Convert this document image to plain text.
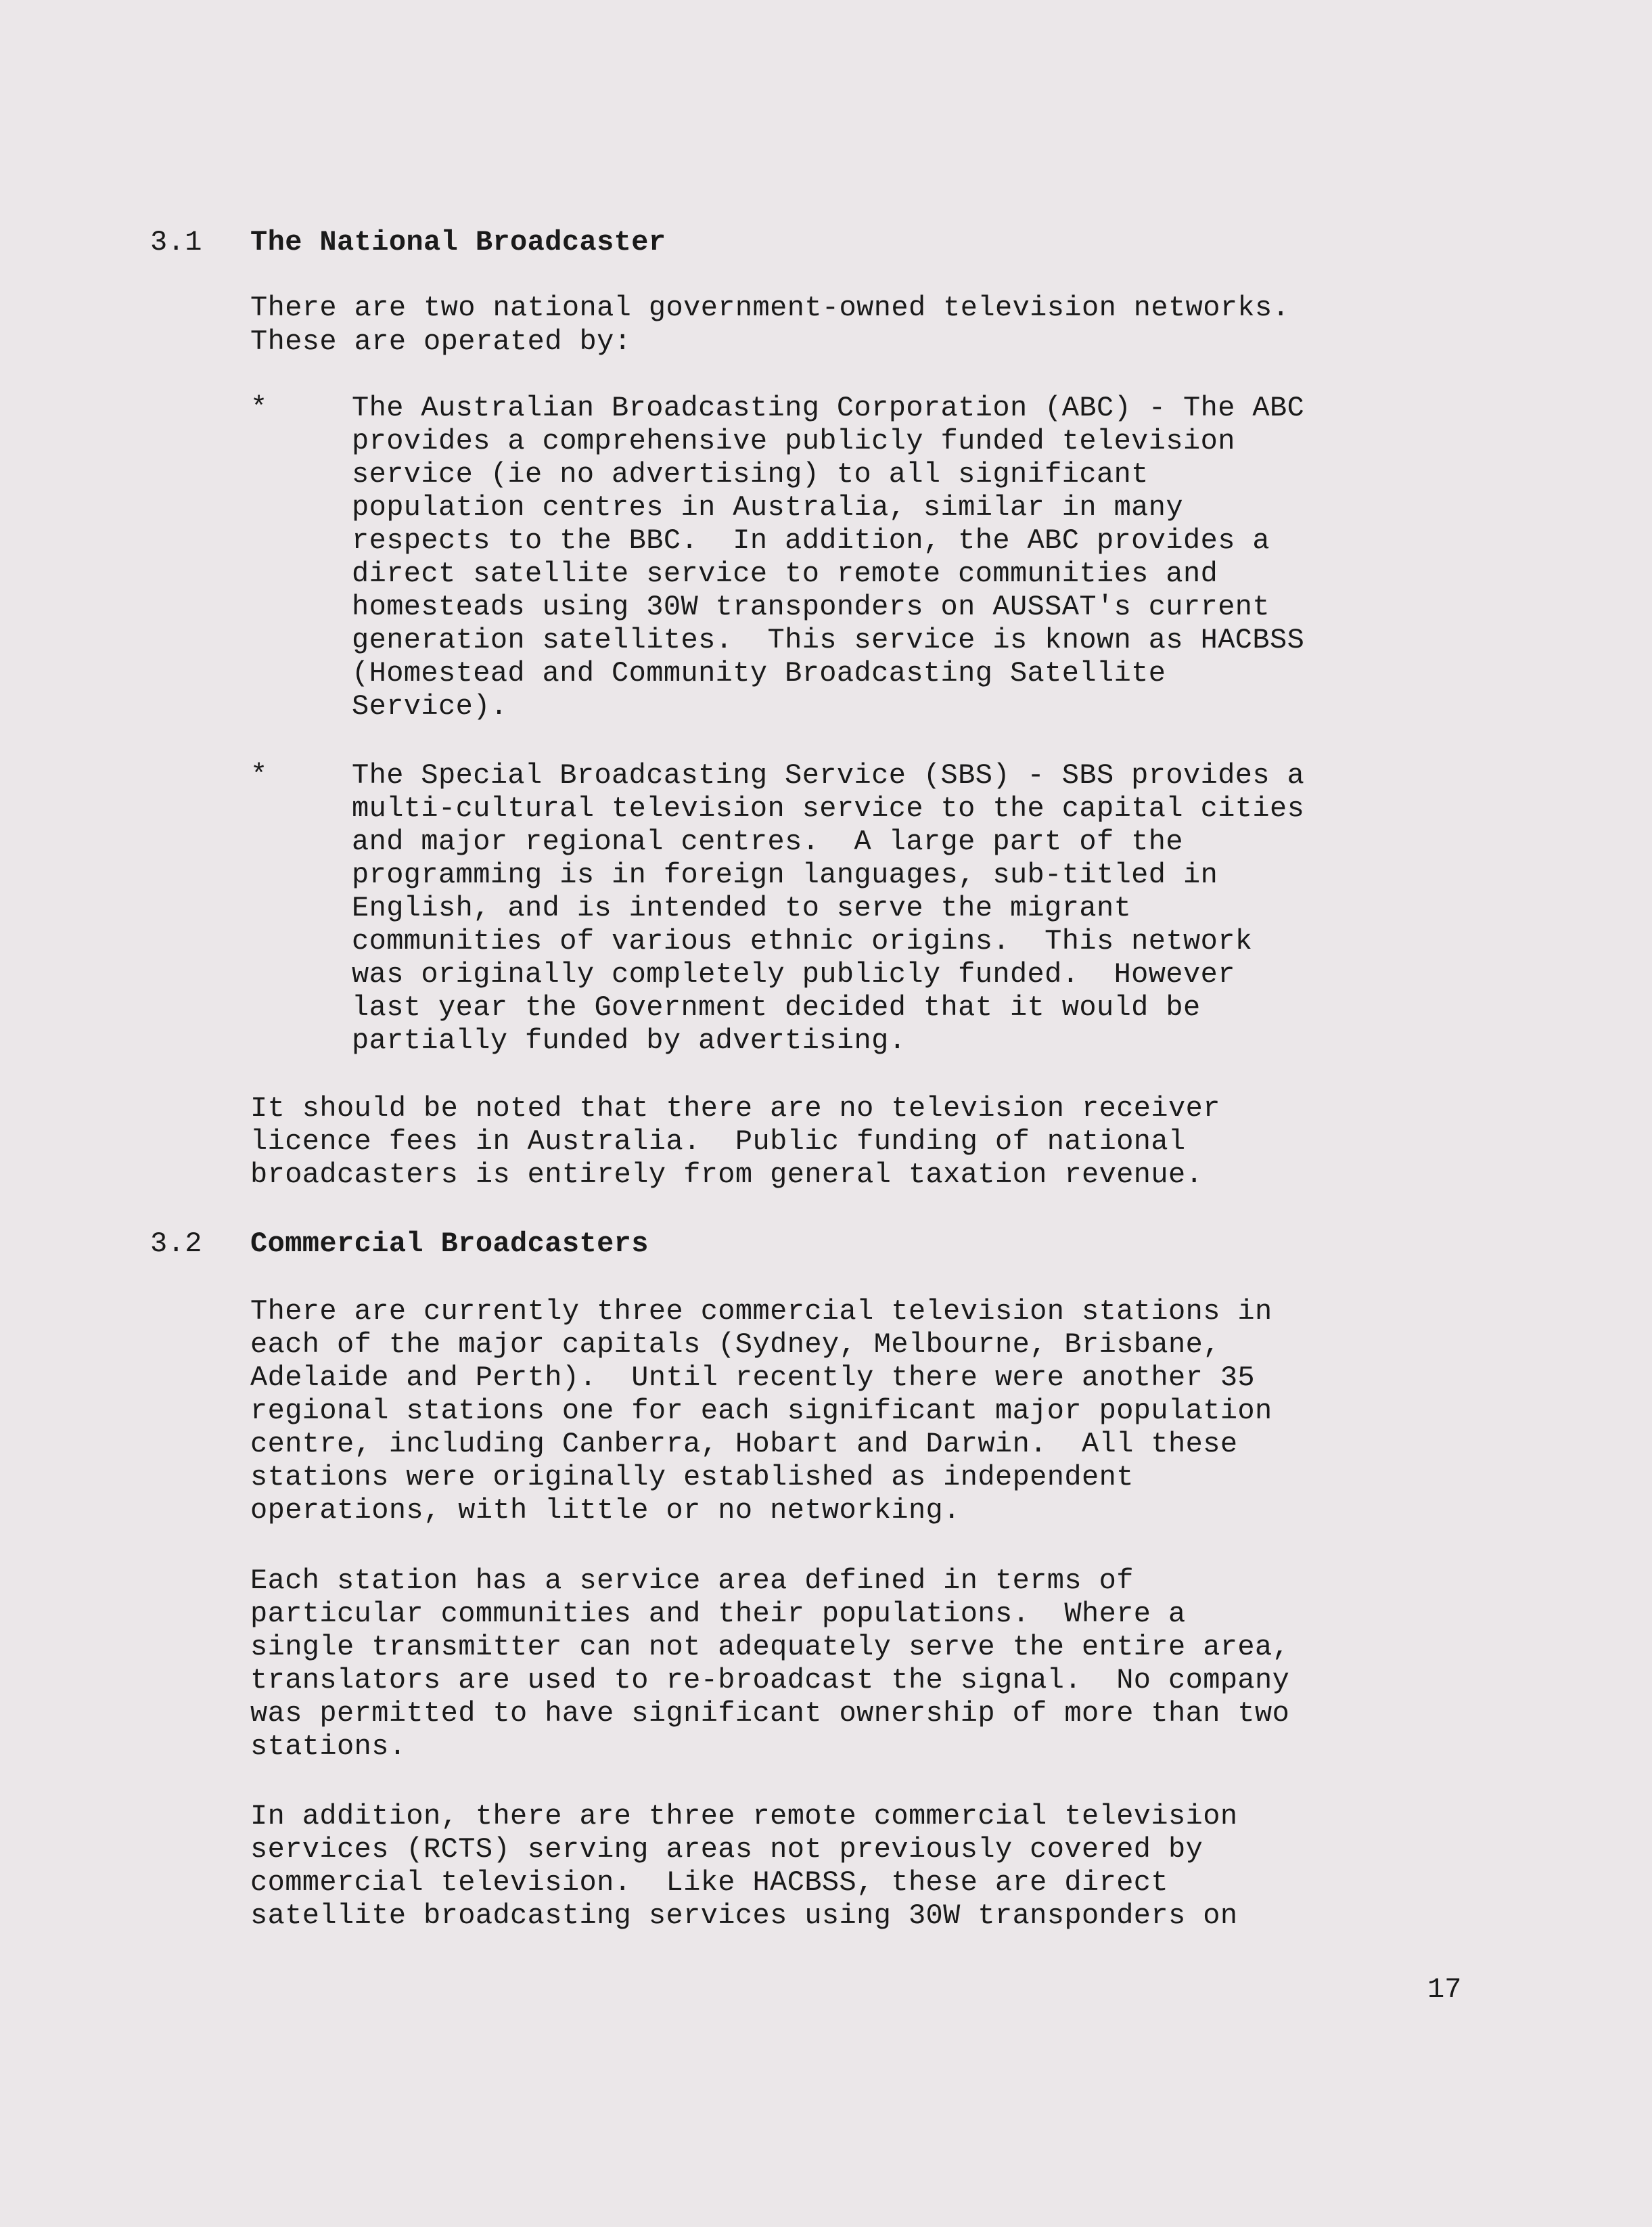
3.1 The National Broadcaster
There are two national government-owned television networks.
These are operated by:
*	The Australian Broadcasting Corporation (ABC) - The ABC
provides a comprehensive publicly funded television
service (ie no advertising) to all significant
population centres in Australia, similar in many
respects to the BBC.  In addition, the ABC provides a
direct satellite service to remote communities and
homesteads using 30W transponders on AUSSAT's current
generation satellites.  This service is known as HACBSS
(Homestead and Community Broadcasting Satellite
Service).
*	The Special Broadcasting Service (SBS) - SBS provides a
multi-cultural television service to the capital cities
and major regional centres.  A large part of the
programming is in foreign languages, sub-titled in
English, and is intended to serve the migrant
communities of various ethnic origins.  This network
was originally completely publicly funded.  However
last year the Government decided that it would be
partially funded by advertising.
It should be noted that there are no television receiver
licence fees in Australia.  Public funding of national
broadcasters is entirely from general taxation revenue.
3.2 Commercial Broadcasters
There are currently three commercial television stations in
each of the major capitals (Sydney, Melbourne, Brisbane,
Adelaide and Perth).  Until recently there were another 35
regional stations one for each significant major population
centre, including Canberra, Hobart and Darwin.  All these
stations were originally established as independent
operations, with little or no networking.
Each station has a service area defined in terms of
particular communities and their populations.  Where a
single transmitter can not adequately serve the entire area,
translators are used to re-broadcast the signal.  No company
was permitted to have significant ownership of more than two
stations.
In addition, there are three remote commercial television
services (RCTS) serving areas not previously covered by
commercial television.  Like HACBSS, these are direct
satellite broadcasting services using 30W transponders on
17
